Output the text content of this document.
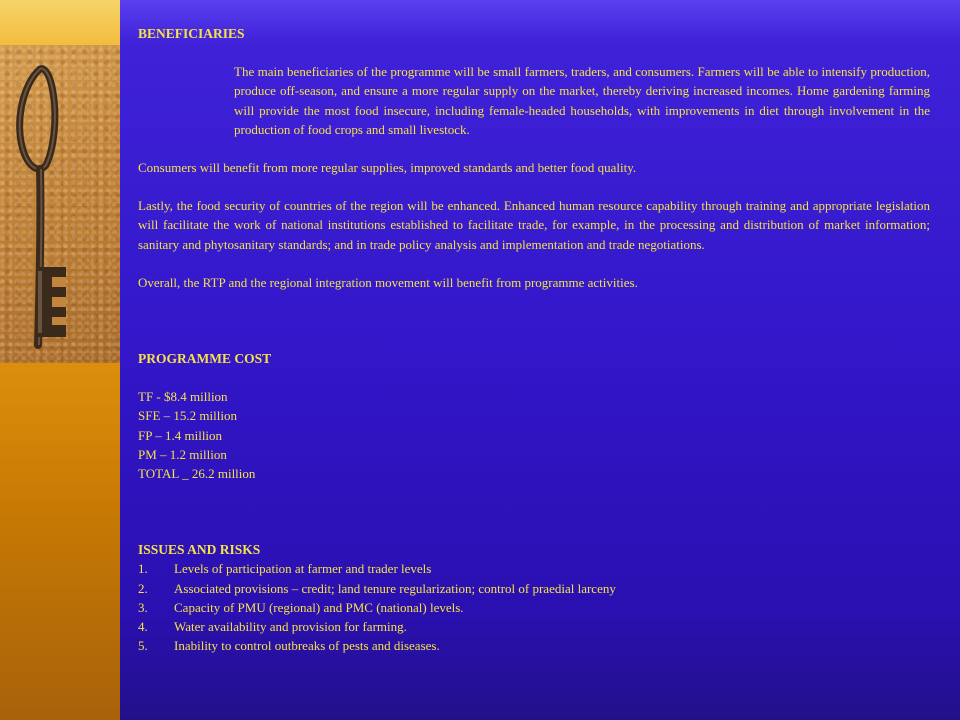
BENEFICIARIES

The main beneficiaries of the programme will be small farmers, traders, and consumers. Farmers will be able to intensify production, produce off-season, and ensure a more regular supply on the market, thereby deriving increased incomes. Home gardening farming will provide the most food insecure, including female-headed households, with improvements in diet through involvement in the production of food crops and small livestock.

Consumers will benefit from more regular supplies, improved standards and better food quality.

Lastly, the food security of countries of the region will be enhanced. Enhanced human resource capability through training and appropriate legislation will facilitate the work of national institutions established to facilitate trade, for example, in the processing and distribution of market information; sanitary and phytosanitary standards; and in trade policy analysis and implementation and trade negotiations.

Overall, the RTP and the regional integration movement will benefit from programme activities.

PROGRAMME COST
TF - $8.4 million
SFE – 15.2 million
FP – 1.4 million
PM – 1.2 million
TOTAL _ 26.2 million
ISSUES AND RISKS
1. Levels of participation at farmer and trader levels
2. Associated provisions – credit; land tenure regularization; control of praedial larceny
3. Capacity of PMU (regional) and PMC (national) levels.
4. Water availability and provision for farming.
5. Inability to control outbreaks of pests and diseases.
